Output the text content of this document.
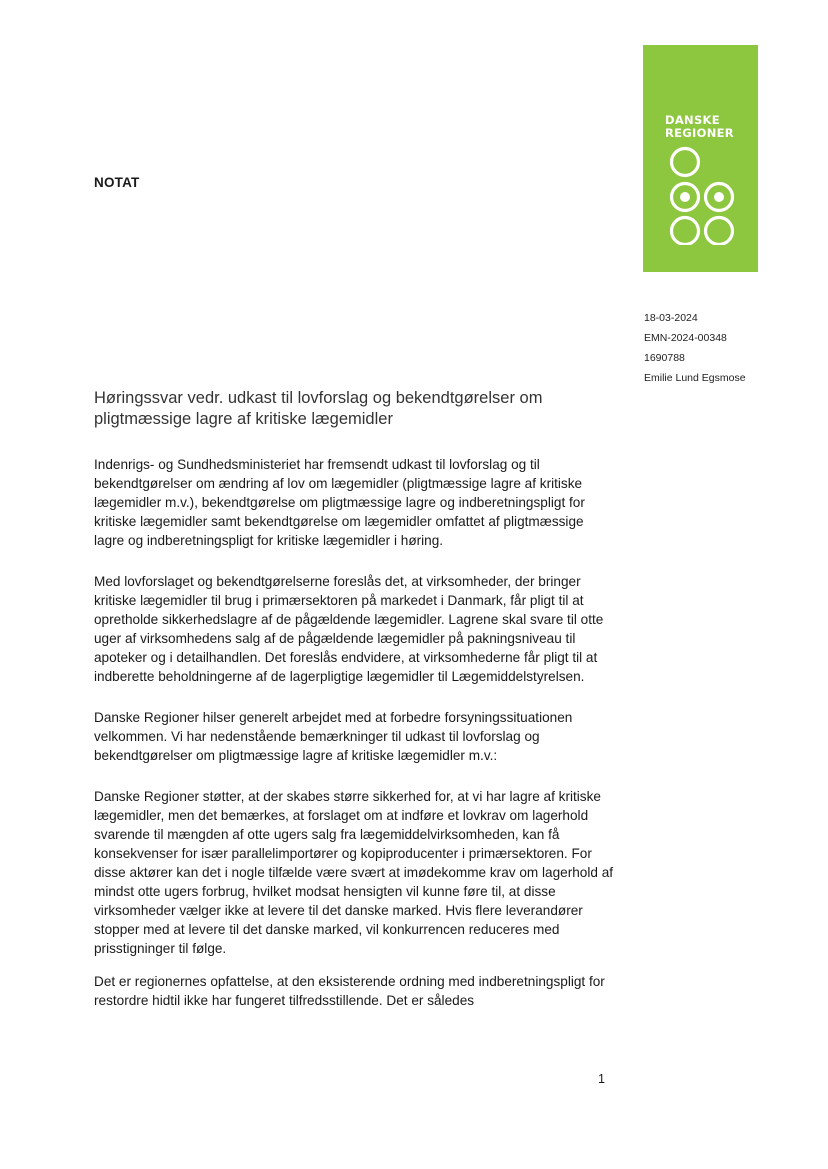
NOTAT
DANSKE
REGIONER
18-03-2024
EMN-2024-00348
1690788
Emilie Lund Egsmose
Høringssvar vedr. udkast til lovforslag og bekendtgørelser om pligtmæssige lagre af kritiske lægemidler

Indenrigs- og Sundhedsministeriet har fremsendt udkast til lovforslag og til bekendtgørelser om ændring af lov om lægemidler (pligtmæssige lagre af kritiske lægemidler m.v.), bekendtgørelse om pligtmæssige lagre og indberetningspligt for kritiske lægemidler samt bekendtgørelse om lægemidler omfattet af pligtmæssige lagre og indberetningspligt for kritiske lægemidler i høring.

Med lovforslaget og bekendtgørelserne foreslås det, at virksomheder, der bringer kritiske lægemidler til brug i primærsektoren på markedet i Danmark, får pligt til at opretholde sikkerhedslagre af de pågældende lægemidler. Lagrene skal svare til otte uger af virksomhedens salg af de pågældende lægemidler på pakningsniveau til apoteker og i detailhandlen. Det foreslås endvidere, at virksomhederne får pligt til at indberette beholdningerne af de lagerpligtige lægemidler til Lægemiddelstyrelsen.

Danske Regioner hilser generelt arbejdet med at forbedre forsyningssituationen velkommen. Vi har nedenstående bemærkninger til udkast til lovforslag og bekendtgørelser om pligtmæssige lagre af kritiske lægemidler m.v.:

Danske Regioner støtter, at der skabes større sikkerhed for, at vi har lagre af kritiske lægemidler, men det bemærkes, at forslaget om at indføre et lovkrav om lagerhold svarende til mængden af otte ugers salg fra lægemiddelvirksomheden, kan få konsekvenser for især parallelimportører og kopiproducenter i primærsektoren. For disse aktører kan det i nogle tilfælde være svært at imødekomme krav om lagerhold af mindst otte ugers forbrug, hvilket modsat hensigten vil kunne føre til, at disse virksomheder vælger ikke at levere til det danske marked. Hvis flere leverandører stopper med at levere til det danske marked, vil konkurrencen reduceres med prisstigninger til følge.

Det er regionernes opfattelse, at den eksisterende ordning med indberetningspligt for restordre hidtil ikke har fungeret tilfredsstillende. Det er således

1
